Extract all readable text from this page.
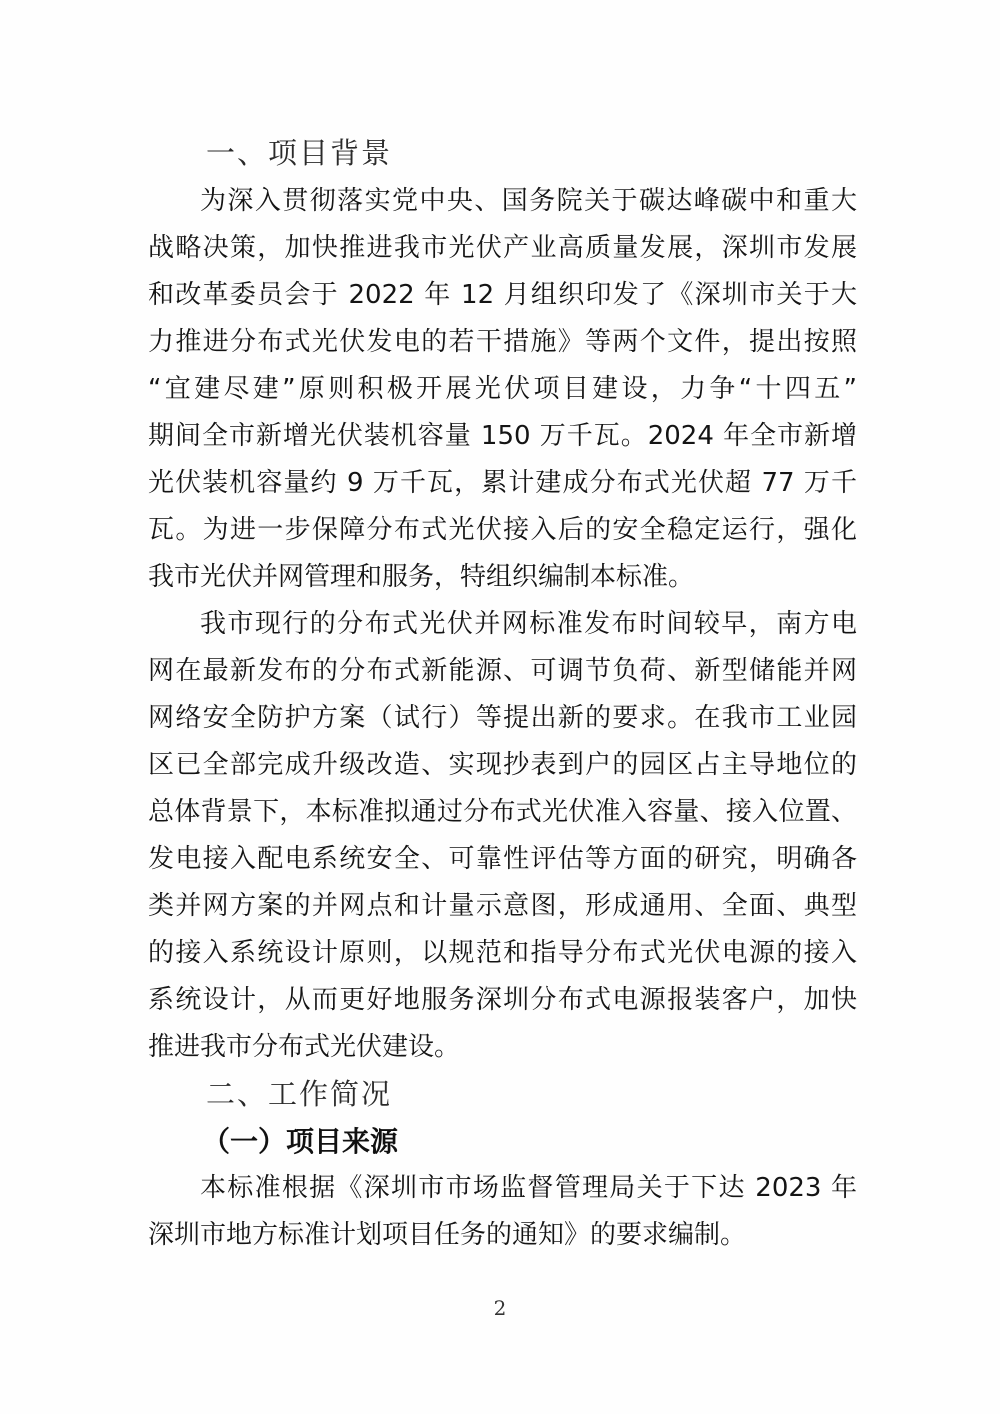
一、项目背景
为深入贯彻落实党中央、国务院关于碳达峰碳中和重大
战略决策，加快推进我市光伏产业高质量发展，深圳市发展
和改革委员会于 2022 年 12 月组织印发了《深圳市关于大
力推进分布式光伏发电的若干措施》等两个文件，提出按照
“宜建尽建”原则积极开展光伏项目建设，力争“十四五”
期间全市新增光伏装机容量 150 万千瓦。2024 年全市新增
光伏装机容量约 9 万千瓦，累计建成分布式光伏超 77 万千
瓦。为进一步保障分布式光伏接入后的安全稳定运行，强化
我市光伏并网管理和服务，特组织编制本标准。
我市现行的分布式光伏并网标准发布时间较早，南方电
网在最新发布的分布式新能源、可调节负荷、新型储能并网
网络安全防护方案（试行）等提出新的要求。在我市工业园
区已全部完成升级改造、实现抄表到户的园区占主导地位的
总体背景下，本标准拟通过分布式光伏准入容量、接入位置、
发电接入配电系统安全、可靠性评估等方面的研究，明确各
类并网方案的并网点和计量示意图，形成通用、全面、典型
的接入系统设计原则，以规范和指导分布式光伏电源的接入
系统设计，从而更好地服务深圳分布式电源报装客户，加快
推进我市分布式光伏建设。
二、工作简况
（一）项目来源
本标准根据《深圳市市场监督管理局关于下达 2023 年
深圳市地方标准计划项目任务的通知》的要求编制。
2
